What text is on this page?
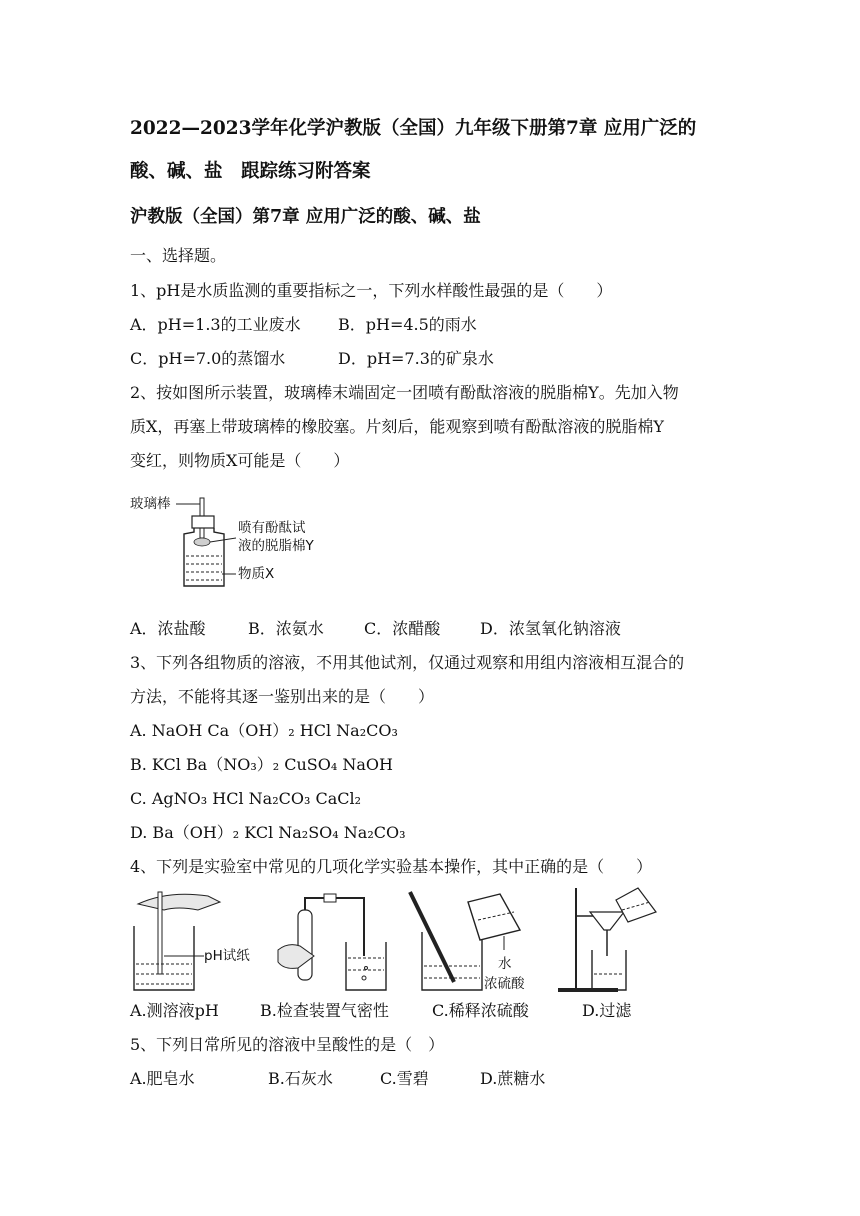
2022—2023学年化学沪教版（全国）九年级下册第7章 应用广泛的
酸、碱、盐　跟踪练习附答案
沪教版（全国）第7章 应用广泛的酸、碱、盐
一、选择题。
1、pH是水质监测的重要指标之一，下列水样酸性最强的是（　　）
A．pH=1.3的工业废水 B．pH=4.5的雨水
C．pH=7.0的蒸馏水	D．pH=7.3的矿泉水
2、按如图所示装置，玻璃棒末端固定一团喷有酚酞溶液的脱脂棉Y。先加入物
质X，再塞上带玻璃棒的橡胶塞。片刻后，能观察到喷有酚酞溶液的脱脂棉Y
变红，则物质X可能是（　　）
玻璃棒
喷有酚酞试
液的脱脂棉Y
物质X
A．浓盐酸	B．浓氨水	C．浓醋酸 D．浓氢氧化钠溶液
3、下列各组物质的溶液，不用其他试剂，仅通过观察和用组内溶液相互混合的
方法，不能将其逐一鉴别出来的是（　　）
A. NaOH Ca（OH）₂ HCl Na₂CO₃
B. KCl Ba（NO₃）₂ CuSO₄ NaOH
C. AgNO₃ HCl Na₂CO₃ CaCl₂
D. Ba（OH）₂ KCl Na₂SO₄ Na₂CO₃
4、下列是实验室中常见的几项化学实验基本操作，其中正确的是（　　）
pH试纸	水
浓硫酸
A.测溶液pH	B.检查装置气密性	C.稀释浓硫酸	D.过滤
5、下列日常所见的溶液中呈酸性的是（　）
A.肥皂水	B.石灰水	C.雪碧	D.蔗糖水
